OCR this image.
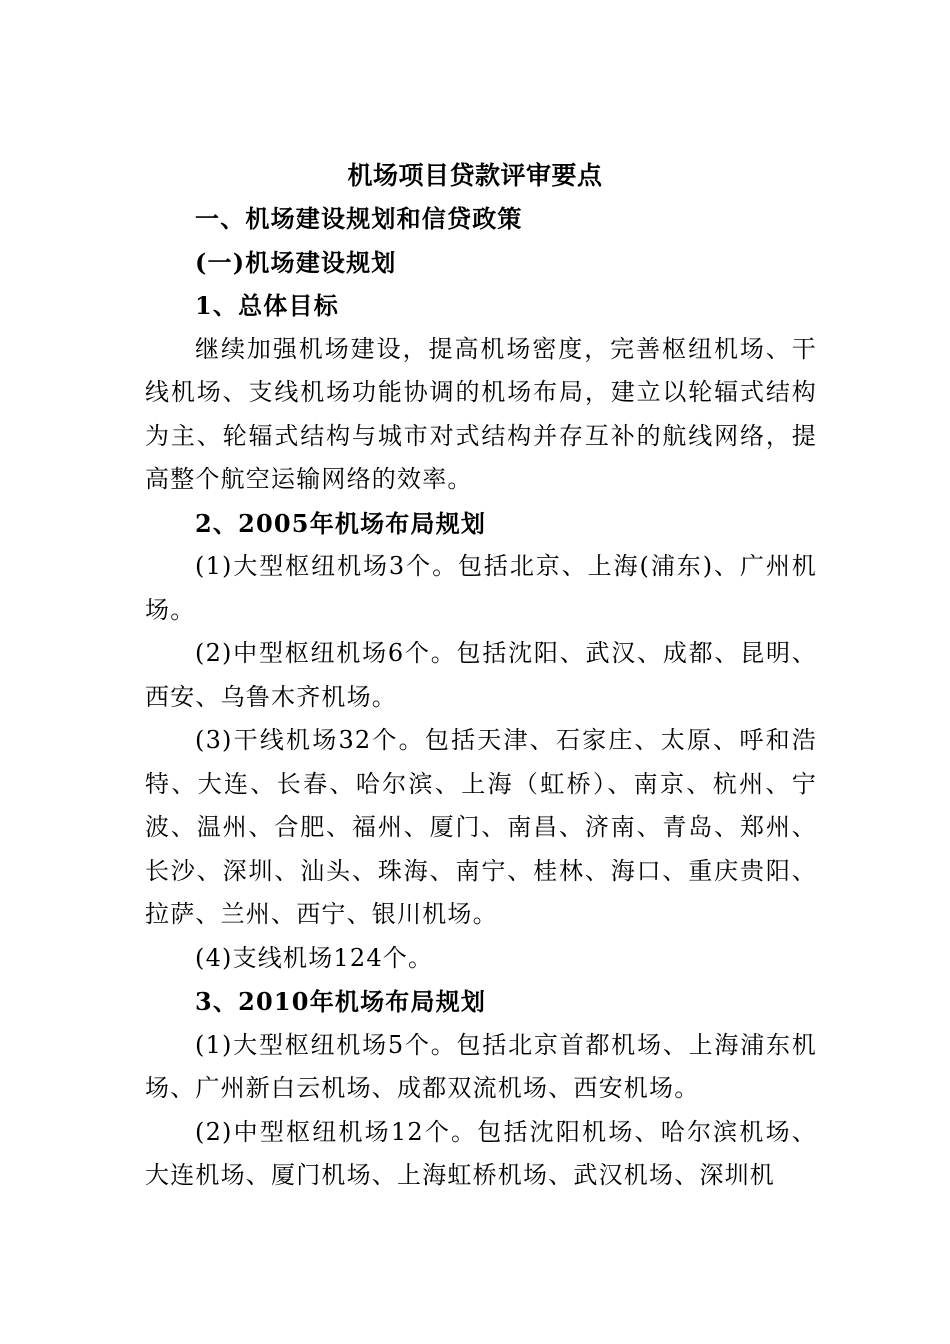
机场项目贷款评审要点

一、机场建设规划和信贷政策

(一)机场建设规划

1、总体目标

继续加强机场建设，提高机场密度，完善枢纽机场、干线机场、支线机场功能协调的机场布局，建立以轮辐式结构为主、轮辐式结构与城市对式结构并存互补的航线网络，提高整个航空运输网络的效率。

2、2005年机场布局规划

(1)大型枢纽机场3个。包括北京、上海(浦东)、广州机场。

(2)中型枢纽机场6个。包括沈阳、武汉、成都、昆明、西安、乌鲁木齐机场。

(3)干线机场32个。包括天津、石家庄、太原、呼和浩特、大连、长春、哈尔滨、上海（虹桥）、南京、杭州、宁波、温州、合肥、福州、厦门、南昌、济南、青岛、郑州、长沙、深圳、汕头、珠海、南宁、桂林、海口、重庆贵阳、拉萨、兰州、西宁、银川机场。

(4)支线机场124个。

3、2010年机场布局规划

(1)大型枢纽机场5个。包括北京首都机场、上海浦东机场、广州新白云机场、成都双流机场、西安机场。

(2)中型枢纽机场12个。包括沈阳机场、哈尔滨机场、大连机场、厦门机场、上海虹桥机场、武汉机场、深圳机
